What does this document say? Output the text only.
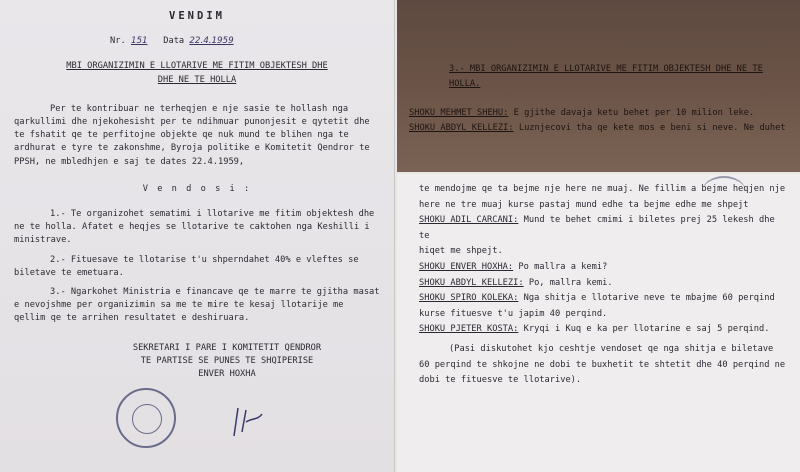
VENDIM
Nr. 151 Data 22.4.1959
MBI ORGANIZIMIN E LLOTARIVE ME FITIM OBJEKTESH DHE
DHE NE TE HOLLA

Per te kontribuar ne terheqjen e nje sasie te hollash nga qarkullimi dhe njekohesisht per te ndihmuar punonjesit e qytetit dhe te fshatit qe te perfitojne objekte qe nuk mund te blihen nga te ardhurat e tyre te zakonshme, Byroja politike e Komitetit Qendror te PPSH, ne mbledhjen e saj te dates 22.4.1959,

V e n d o s i :

1.- Te organizohet sematimi i llotarive me fitim objektesh dhe ne te holla. Afatet e heqjes se llotarive te caktohen nga Keshilli i ministrave.

2.- Fituesave te llotarise t'u shperndahet 40% e vleftes se biletave te emetuara.

3.- Ngarkohet Ministria e financave qe te marre te gjitha masat e nevojshme per organizimin sa me te mire te kesaj llotarije me qellim qe te arrihen resultatet e deshiruara.

SEKRETARI I PARE I KOMITETIT QENDROR
TE PARTISE SE PUNES TE SHQIPERISE
ENVER HOXHA
3.- MBI ORGANIZIMIN E LLOTARIVE ME FITIM OBJEKTESH DHE NE TE
HOLLA.
SHOKU MEHMET SHEHU: E gjithe davaja ketu behet per 10 milion leke.
SHOKU ABDYL KELLEZI: Luznjecovi tha qe kete mos e beni si neve. Ne duhet

te mendojme qe ta bejme nje here ne muaj. Ne fillim a bejme heqjen nje

here ne tre muaj kurse pastaj mund edhe ta bejme edhe me shpejt

SHOKU ADIL CARCANI: Mund te behet cmimi i biletes prej 25 lekesh dhe te

hiqet me shpejt.

SHOKU ENVER HOXHA: Po mallra a kemi?

SHOKU ABDYL KELLEZI: Po, mallra kemi.

SHOKU SPIRO KOLEKA: Nga shitja e llotarive neve te mbajme 60 perqind

kurse fituesve t'u japim 40 perqind.

SHOKU PJETER KOSTA: Kryqi i Kuq e ka per llotarine e saj 5 perqind.

(Pasi diskutohet kjo ceshtje vendoset qe nga shitja e biletave 60 perqind te shkojne ne dobi te buxhetit te shtetit dhe 40 perqind ne dobi te fituesve te llotarive).
